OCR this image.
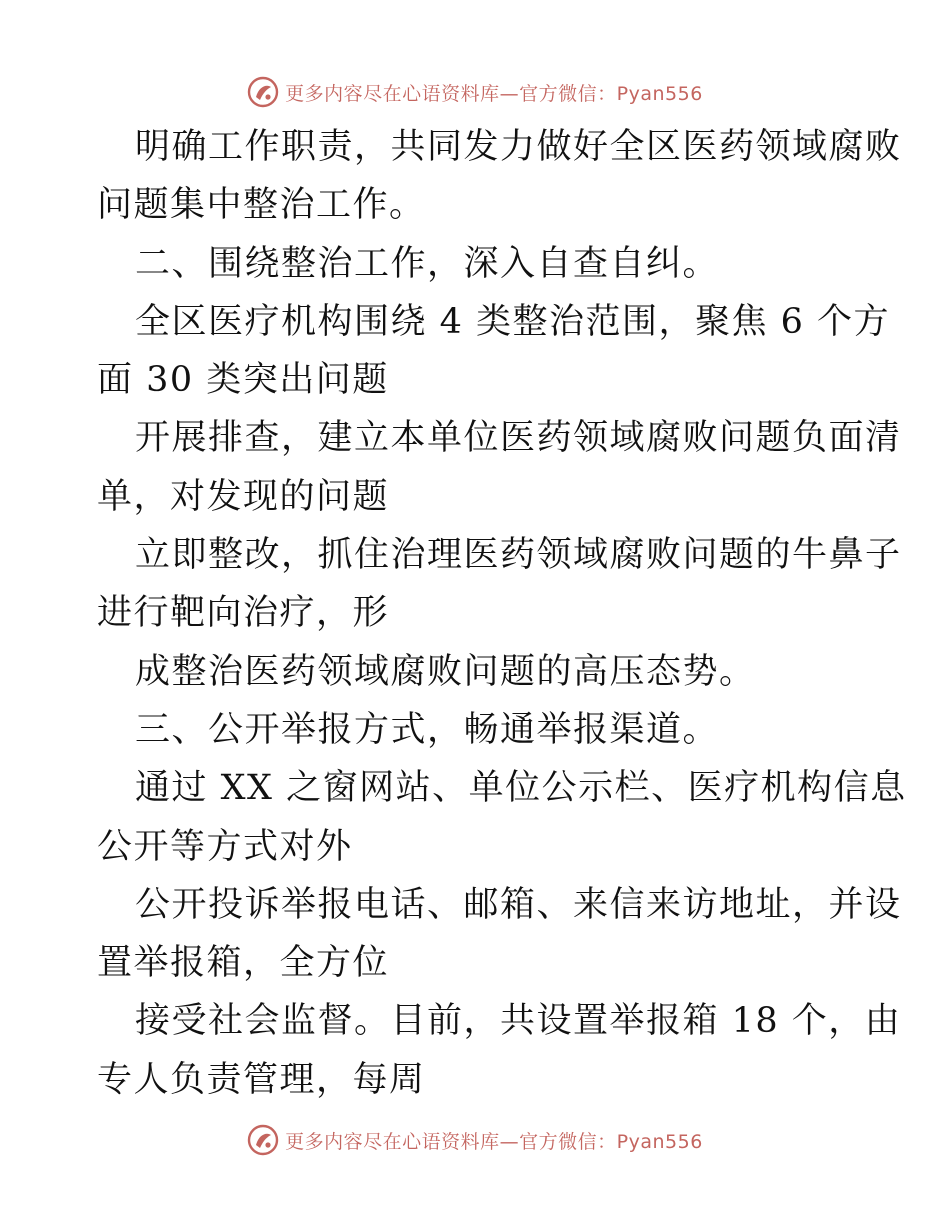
更多内容尽在心语资料库—官方微信：Pyan556
明确工作职责，共同发力做好全区医药领域腐败
问题集中整治工作。
二、围绕整治工作，深入自查自纠。
全区医疗机构围绕 4 类整治范围，聚焦 6 个方
面 30 类突出问题
开展排查，建立本单位医药领域腐败问题负面清
单，对发现的问题
立即整改，抓住治理医药领域腐败问题的牛鼻子
进行靶向治疗，形
成整治医药领域腐败问题的高压态势。
三、公开举报方式，畅通举报渠道。
通过 XX 之窗网站、单位公示栏、医疗机构信息
公开等方式对外
公开投诉举报电话、邮箱、来信来访地址，并设
置举报箱，全方位
接受社会监督。目前，共设置举报箱 18 个，由
专人负责管理，每周
更多内容尽在心语资料库—官方微信：Pyan556
